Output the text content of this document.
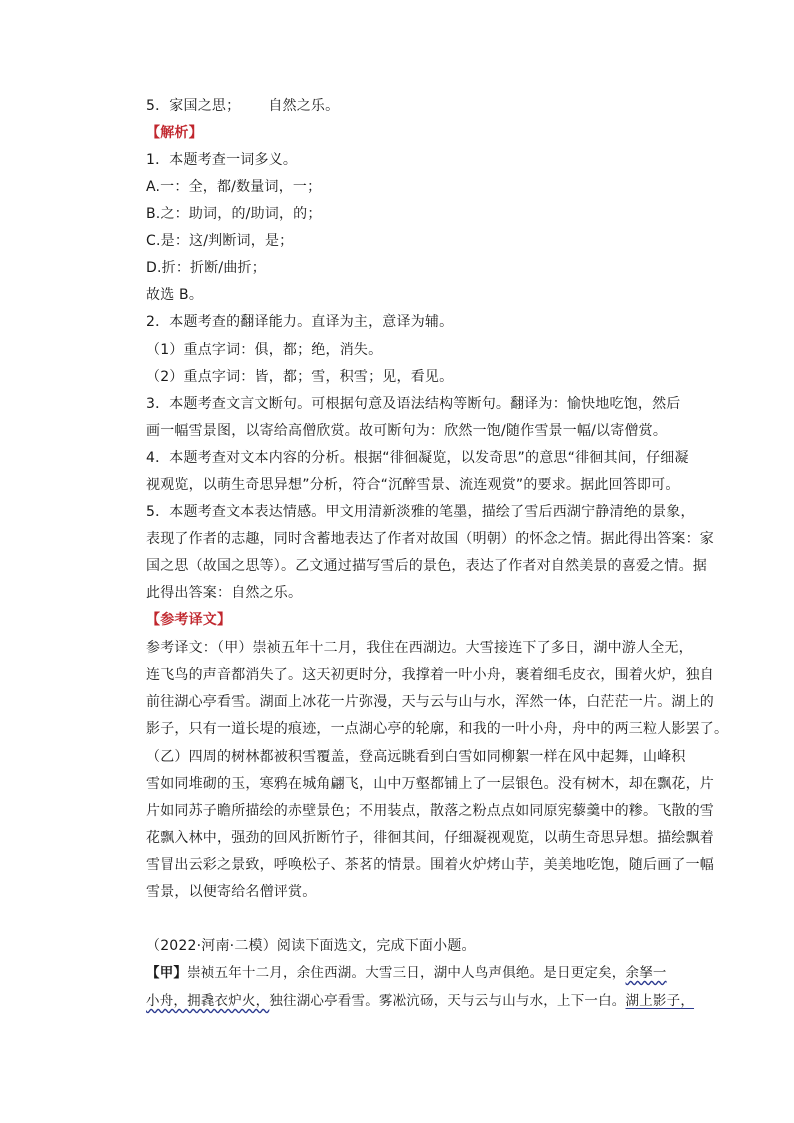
5．家国之思； 自然之乐。
【解析】
1．本题考查一词多义。
A.一：全，都/数量词，一；
B.之：助词，的/助词，的；
C.是：这/判断词，是；
D.折：折断/曲折；
故选 B。
2．本题考查的翻译能力。直译为主，意译为辅。
（1）重点字词：俱，都；绝，消失。
（2）重点字词：皆，都；雪，积雪；见，看见。
3．本题考查文言文断句。可根据句意及语法结构等断句。翻译为：愉快地吃饱，然后
画一幅雪景图，以寄给高僧欣赏。故可断句为：欣然一饱/随作雪景一幅/以寄僧赏。
4．本题考查对文本内容的分析。根据“徘徊凝览，以发奇思”的意思“徘徊其间，仔细凝
视观览，以萌生奇思异想”分析，符合“沉醉雪景、流连观赏”的要求。据此回答即可。
5．本题考查文本表达情感。甲文用清新淡雅的笔墨，描绘了雪后西湖宁静清绝的景象，
表现了作者的志趣，同时含蓄地表达了作者对故国（明朝）的怀念之情。据此得出答案：家
国之思（故国之思等）。乙文通过描写雪后的景色，表达了作者对自然美景的喜爱之情。据
此得出答案：自然之乐。
【参考译文】
参考译文：（甲）崇祯五年十二月，我住在西湖边。大雪接连下了多日，湖中游人全无，
连飞鸟的声音都消失了。这天初更时分，我撑着一叶小舟，裹着细毛皮衣，围着火炉，独自
前往湖心亭看雪。湖面上冰花一片弥漫，天与云与山与水，浑然一体，白茫茫一片。湖上的
影子，只有一道长堤的痕迹，一点湖心亭的轮廓，和我的一叶小舟，舟中的两三粒人影罢了。
（乙）四周的树林都被积雪覆盖，登高远眺看到白雪如同柳絮一样在风中起舞，山峰积
雪如同堆砌的玉，寒鸦在城角翩飞，山中万壑都铺上了一层银色。没有树木，却在飘花，片
片如同苏子瞻所描绘的赤壁景色；不用装点，散落之粉点点如同原宪藜羹中的糁。飞散的雪
花飘入林中，强劲的回风折断竹子，徘徊其间，仔细凝视观览，以萌生奇思异想。描绘飘着
雪冒出云彩之景致，呼唤松子、茶茗的情景。围着火炉烤山芋，美美地吃饱，随后画了一幅
雪景，以便寄给名僧评赏。
（2022·河南·二模）阅读下面选文，完成下面小题。
【甲】崇祯五年十二月，余住西湖。大雪三日，湖中人鸟声俱绝。是日更定矣，余拏一
小舟，拥毳衣炉火，独往湖心亭看雪。雾凇沆砀，天与云与山与水，上下一白。湖上影子，
